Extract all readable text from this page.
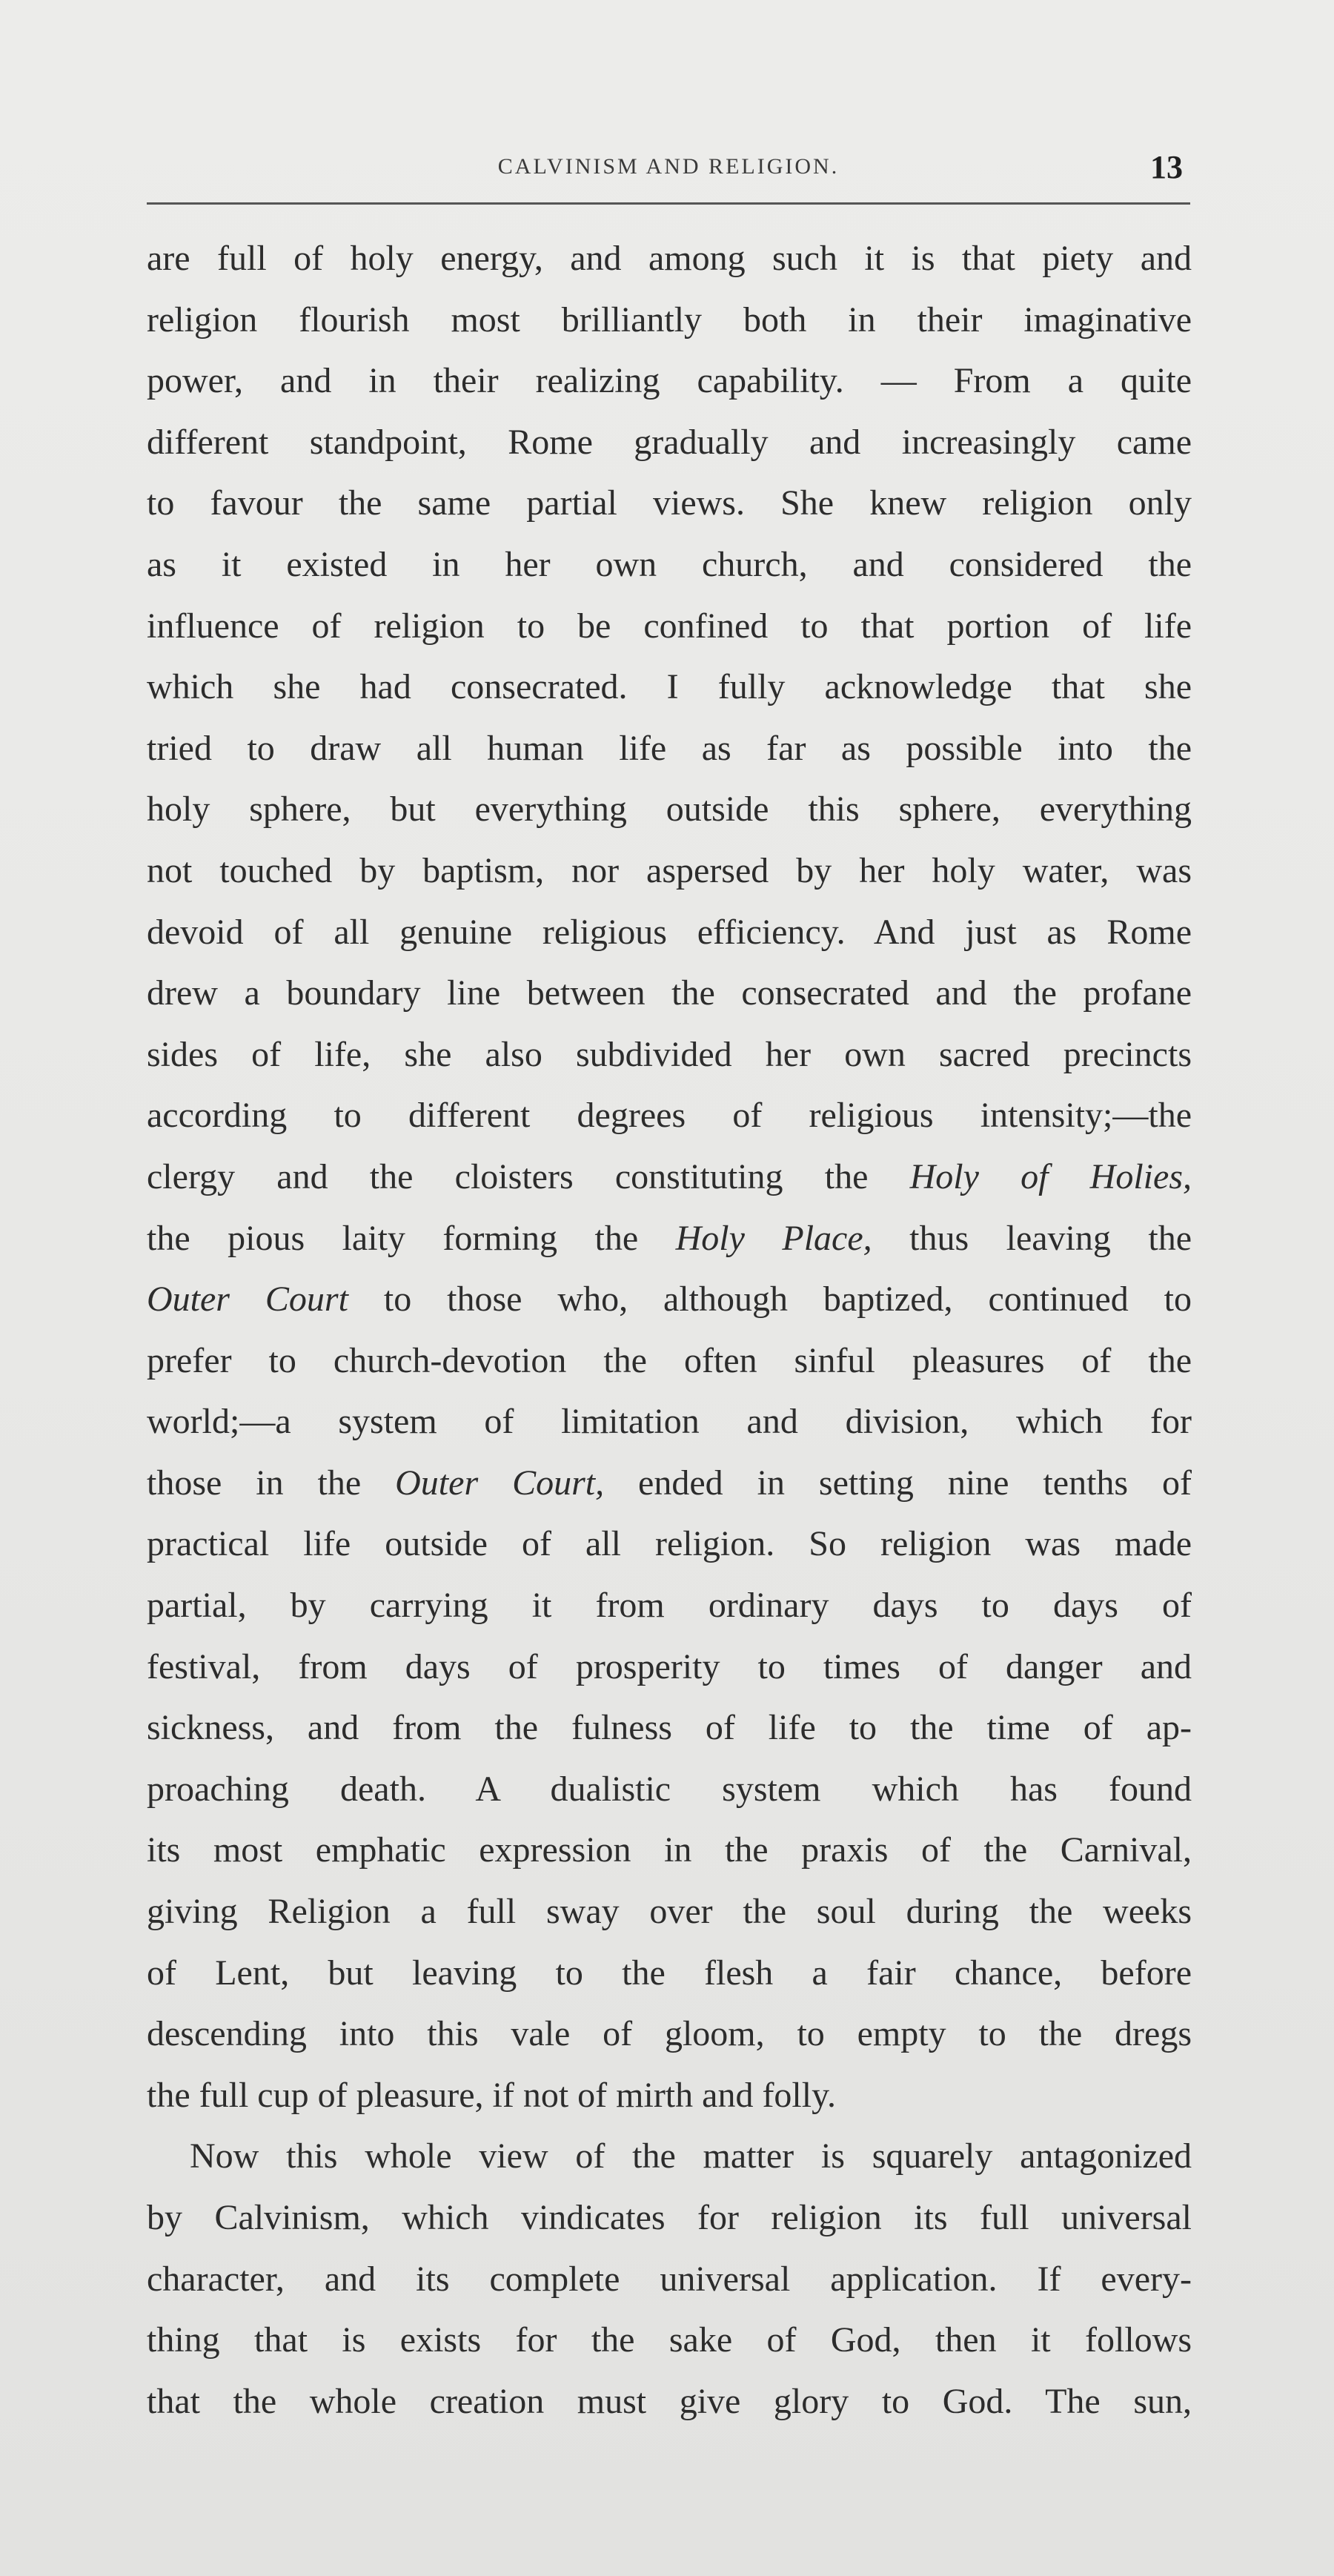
CALVINISM AND RELIGION.	13
are full of holy energy, and among such it is that piety and
religion flourish most brilliantly both in their imaginative
power, and in their realizing capability. — From a quite
different standpoint, Rome gradually and increasingly came
to favour the same partial views. She knew religion only
as it existed in her own church, and considered the
influence of religion to be confined to that portion of life
which she had consecrated. I fully acknowledge that she
tried to draw all human life as far as possible into the
holy sphere, but everything outside this sphere, everything
not touched by baptism, nor aspersed by her holy water, was
devoid of all genuine religious efficiency. And just as Rome
drew a boundary line between the consecrated and the profane
sides of life, she also subdivided her own sacred precincts
according to different degrees of religious intensity;—the
clergy and the cloisters constituting the Holy of Holies,
the pious laity forming the Holy Place, thus leaving the
Outer Court to those who, although baptized, continued to
prefer to church-devotion the often sinful pleasures of the
world;—a system of limitation and division, which for
those in the Outer Court, ended in setting nine tenths of
practical life outside of all religion. So religion was made
partial, by carrying it from ordinary days to days of
festival, from days of prosperity to times of danger and
sickness, and from the fulness of life to the time of ap-
proaching death. A dualistic system which has found
its most emphatic expression in the praxis of the Carnival,
giving Religion a full sway over the soul during the weeks
of Lent, but leaving to the flesh a fair chance, before
descending into this vale of gloom, to empty to the dregs
the full cup of pleasure, if not of mirth and folly.
Now this whole view of the matter is squarely antagonized
by Calvinism, which vindicates for religion its full universal
character, and its complete universal application. If every-
thing that is exists for the sake of God, then it follows
that the whole creation must give glory to God. The sun,
